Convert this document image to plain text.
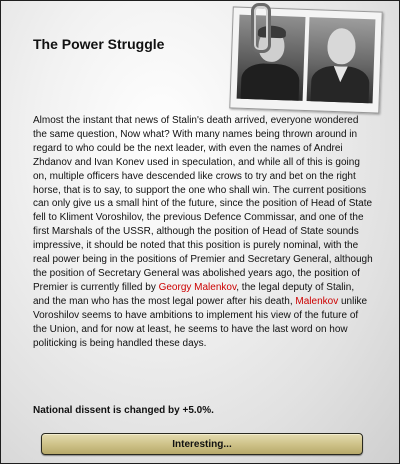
The Power Struggle
Almost the instant that news of Stalin's death arrived, everyone wondered the same question, Now what? With many names being thrown around in regard to who could be the next leader, with even the names of Andrei Zhdanov and Ivan Konev used in speculation, and while all of this is going on, multiple officers have descended like crows to try and bet on the right horse, that is to say, to support the one who shall win. The current positions can only give us a small hint of the future, since the position of Head of State fell to Kliment Voroshilov, the previous Defence Commissar, and one of the first Marshals of the USSR, although the position of Head of State sounds impressive, it should be noted that this position is purely nominal, with the real power being in the positions of Premier and Secretary General, although the position of Secretary General was abolished years ago, the position of Premier is currently filled by Georgy Malenkov, the legal deputy of Stalin, and the man who has the most legal power after his death, Malenkov unlike Voroshilov seems to have ambitions to implement his view of the future of the Union, and for now at least, he seems to have the last word on how politicking is being handled these days.
National dissent is changed by +5.0%.
Interesting...
